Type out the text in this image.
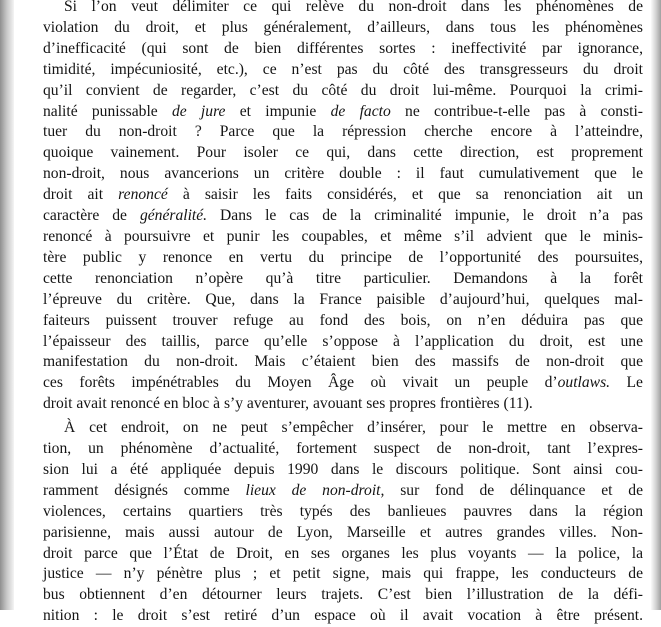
Si l’on veut délimiter ce qui relève du non-droit dans les phénomènes de
violation du droit, et plus généralement, d’ailleurs, dans tous les phénomènes
d’inefficacité (qui sont de bien différentes sortes : ineffectivité par ignorance,
timidité, impécuniosité, etc.), ce n’est pas du côté des transgresseurs du droit
qu’il convient de regarder, c’est du côté du droit lui-même. Pourquoi la crimi-
nalité punissable de jure et impunie de facto ne contribue-t-elle pas à consti-
tuer du non-droit ? Parce que la répression cherche encore à l’atteindre,
quoique vainement. Pour isoler ce qui, dans cette direction, est proprement
non-droit, nous avancerions un critère double : il faut cumulativement que le
droit ait renoncé à saisir les faits considérés, et que sa renonciation ait un
caractère de généralité. Dans le cas de la criminalité impunie, le droit n’a pas
renoncé à poursuivre et punir les coupables, et même s’il advient que le minis-
tère public y renonce en vertu du principe de l’opportunité des poursuites,
cette renonciation n’opère qu’à titre particulier. Demandons à la forêt
l’épreuve du critère. Que, dans la France paisible d’aujourd’hui, quelques mal-
faiteurs puissent trouver refuge au fond des bois, on n’en déduira pas que
l’épaisseur des taillis, parce qu’elle s’oppose à l’application du droit, est une
manifestation du non-droit. Mais c’étaient bien des massifs de non-droit que
ces forêts impénétrables du Moyen Âge où vivait un peuple d’outlaws. Le
droit avait renoncé en bloc à s’y aventurer, avouant ses propres frontières (11).

À cet endroit, on ne peut s’empêcher d’insérer, pour le mettre en observa-
tion, un phénomène d’actualité, fortement suspect de non-droit, tant l’expres-
sion lui a été appliquée depuis 1990 dans le discours politique. Sont ainsi cou-
ramment désignés comme lieux de non-droit, sur fond de délinquance et de
violences, certains quartiers très typés des banlieues pauvres dans la région
parisienne, mais aussi autour de Lyon, Marseille et autres grandes villes. Non-
droit parce que l’État de Droit, en ses organes les plus voyants — la police, la
justice — n’y pénètre plus ; et petit signe, mais qui frappe, les conducteurs de
bus obtiennent d’en détourner leurs trajets. C’est bien l’illustration de la défi-
nition : le droit s’est retiré d’un espace où il avait vocation à être présent.
